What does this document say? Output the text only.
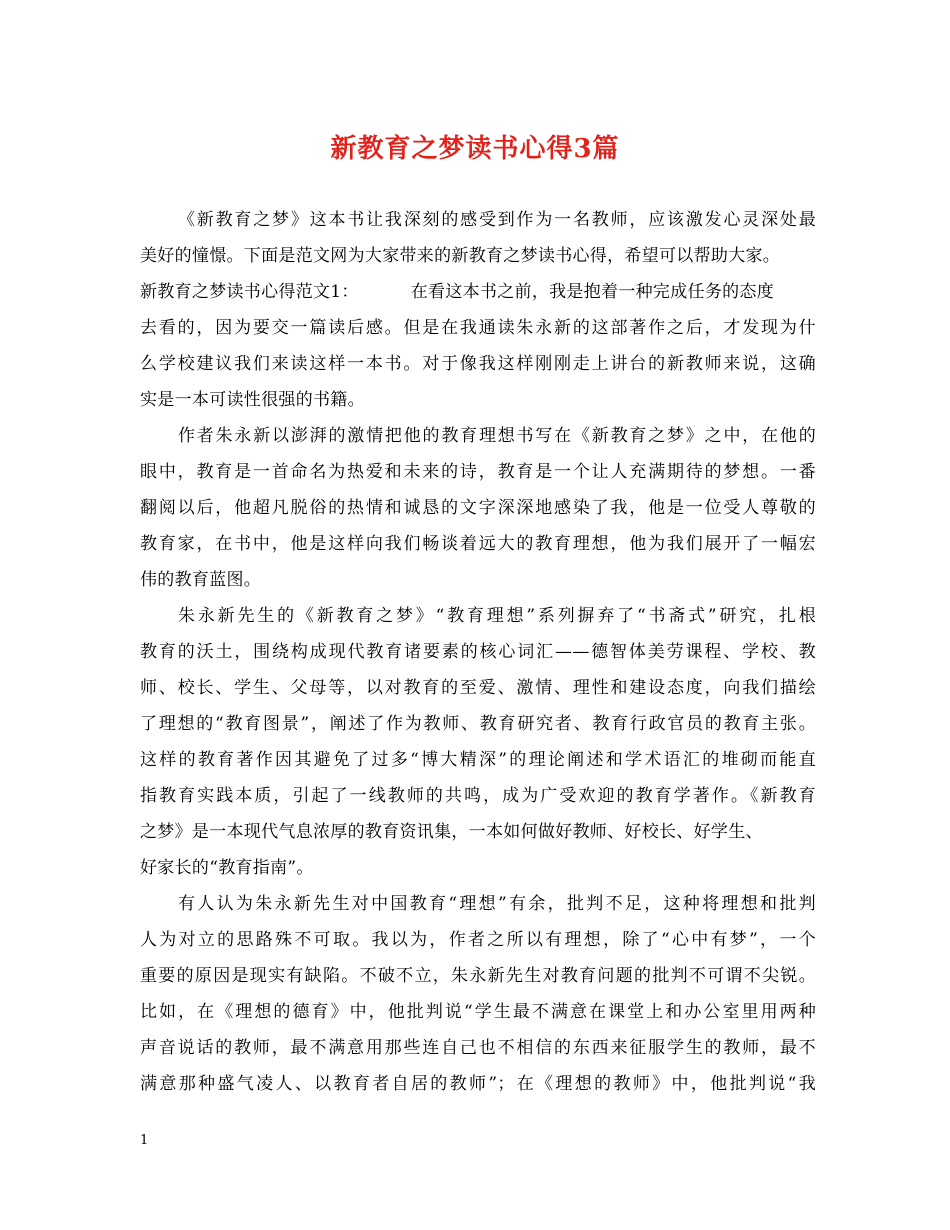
新教育之梦读书心得3篇
《新教育之梦》这本书让我深刻的感受到作为一名教师，应该激发心灵深处最
美好的憧憬。下面是范文网为大家带来的新教育之梦读书心得，希望可以帮助大家。
新教育之梦读书心得范文1：	在看这本书之前，我是抱着一种完成任务的态度
去看的，因为要交一篇读后感。但是在我通读朱永新的这部著作之后，才发现为什
么学校建议我们来读这样一本书。对于像我这样刚刚走上讲台的新教师来说，这确
实是一本可读性很强的书籍。
作者朱永新以澎湃的激情把他的教育理想书写在《新教育之梦》之中，在他的
眼中，教育是一首命名为热爱和未来的诗，教育是一个让人充满期待的梦想。一番
翻阅以后，他超凡脱俗的热情和诚恳的文字深深地感染了我，他是一位受人尊敬的
教育家，在书中，他是这样向我们畅谈着远大的教育理想，他为我们展开了一幅宏
伟的教育蓝图。
朱永新先生的《新教育之梦》“教育理想”系列摒弃了“书斋式”研究，扎根
教育的沃土，围绕构成现代教育诸要素的核心词汇——德智体美劳课程、学校、教
师、校长、学生、父母等，以对教育的至爱、激情、理性和建设态度，向我们描绘
了理想的“教育图景”，阐述了作为教师、教育研究者、教育行政官员的教育主张。
这样的教育著作因其避免了过多“博大精深”的理论阐述和学术语汇的堆砌而能直
指教育实践本质，引起了一线教师的共鸣，成为广受欢迎的教育学著作。《新教育
之梦》是一本现代气息浓厚的教育资讯集，一本如何做好教师、好校长、好学生、
好家长的“教育指南”。
有人认为朱永新先生对中国教育“理想”有余，批判不足，这种将理想和批判
人为对立的思路殊不可取。我以为，作者之所以有理想，除了“心中有梦”，一个
重要的原因是现实有缺陷。不破不立，朱永新先生对教育问题的批判不可谓不尖锐。
比如，在《理想的德育》中，他批判说“学生最不满意在课堂上和办公室里用两种
声音说话的教师，最不满意用那些连自己也不相信的东西来征服学生的教师，最不
满意那种盛气凌人、以教育者自居的教师”；在《理想的教师》中，他批判说“我
1
